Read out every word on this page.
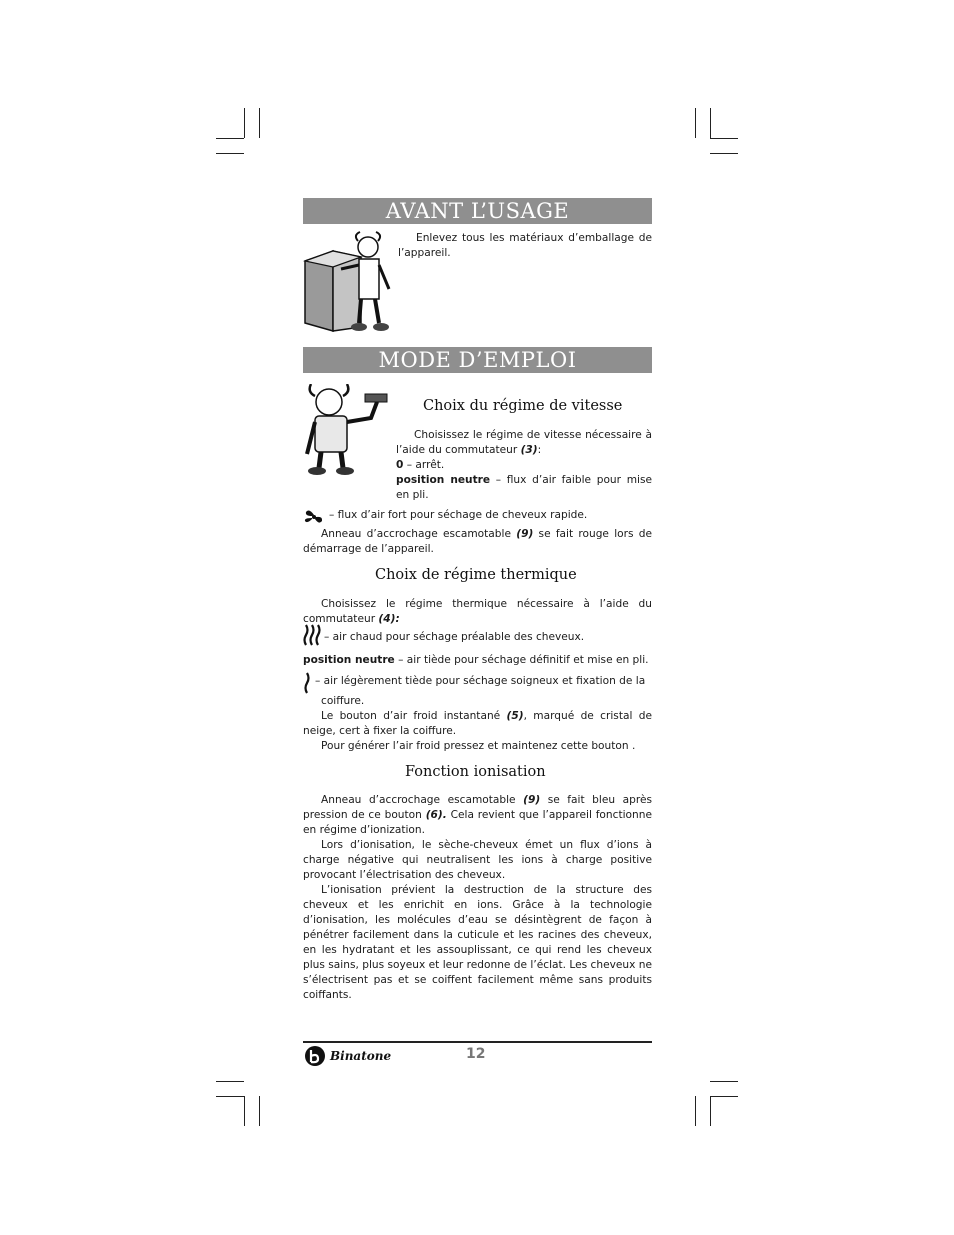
AVANT L’USAGE

Enlevez tous les matériaux d’emballage de l’appareil.

MODE D’EMPLOI
Choix du régime de vitesse

Choisissez le régime de vitesse nécessaire à l’aide du commutateur (3):

0 – arrêt.

position neutre – flux d’air faible pour mise en pli.

– flux d’air fort pour séchage de cheveux rapide.

Anneau d’accrochage escamotable (9) se fait rouge lors de démarrage de l’appareil.

Choix de régime thermique

Choisissez le régime thermique nécessaire à l’aide du commutateur (4):

– air chaud pour séchage préalable des cheveux.

position neutre – air tiède pour séchage définitif et mise en pli.

– air légèrement tiède pour séchage soigneux et fixation de la

coiffure.

Le bouton d’air froid instantané (5), marqué de cristal de neige, cert à fixer la coiffure.

Pour générer l’air froid pressez et maintenez cette bouton .

Fonction ionisation

Anneau d’accrochage escamotable (9) se fait bleu après pression de ce bouton (6). Cela revient que l’appareil fonctionne en régime d’ionization.

Lors d’ionisation, le sèche-cheveux émet un flux d’ions à charge négative qui neutralisent les ions à charge positive provocant l’électrisation des cheveux.

L’ionisation prévient la destruction de la structure des cheveux et les enrichit en ions. Grâce à la technologie d’ionisation, les molécules d’eau se désintègrent de façon à pénétrer facilement dans la cuticule et les racines des cheveux, en les hydratant et les assouplissant, ce qui rend les cheveux plus sains, plus soyeux et leur redonne de l’éclat. Les cheveux ne s’électrisent pas et se coiffent facilement même sans produits coiffants.

Binatone	12
